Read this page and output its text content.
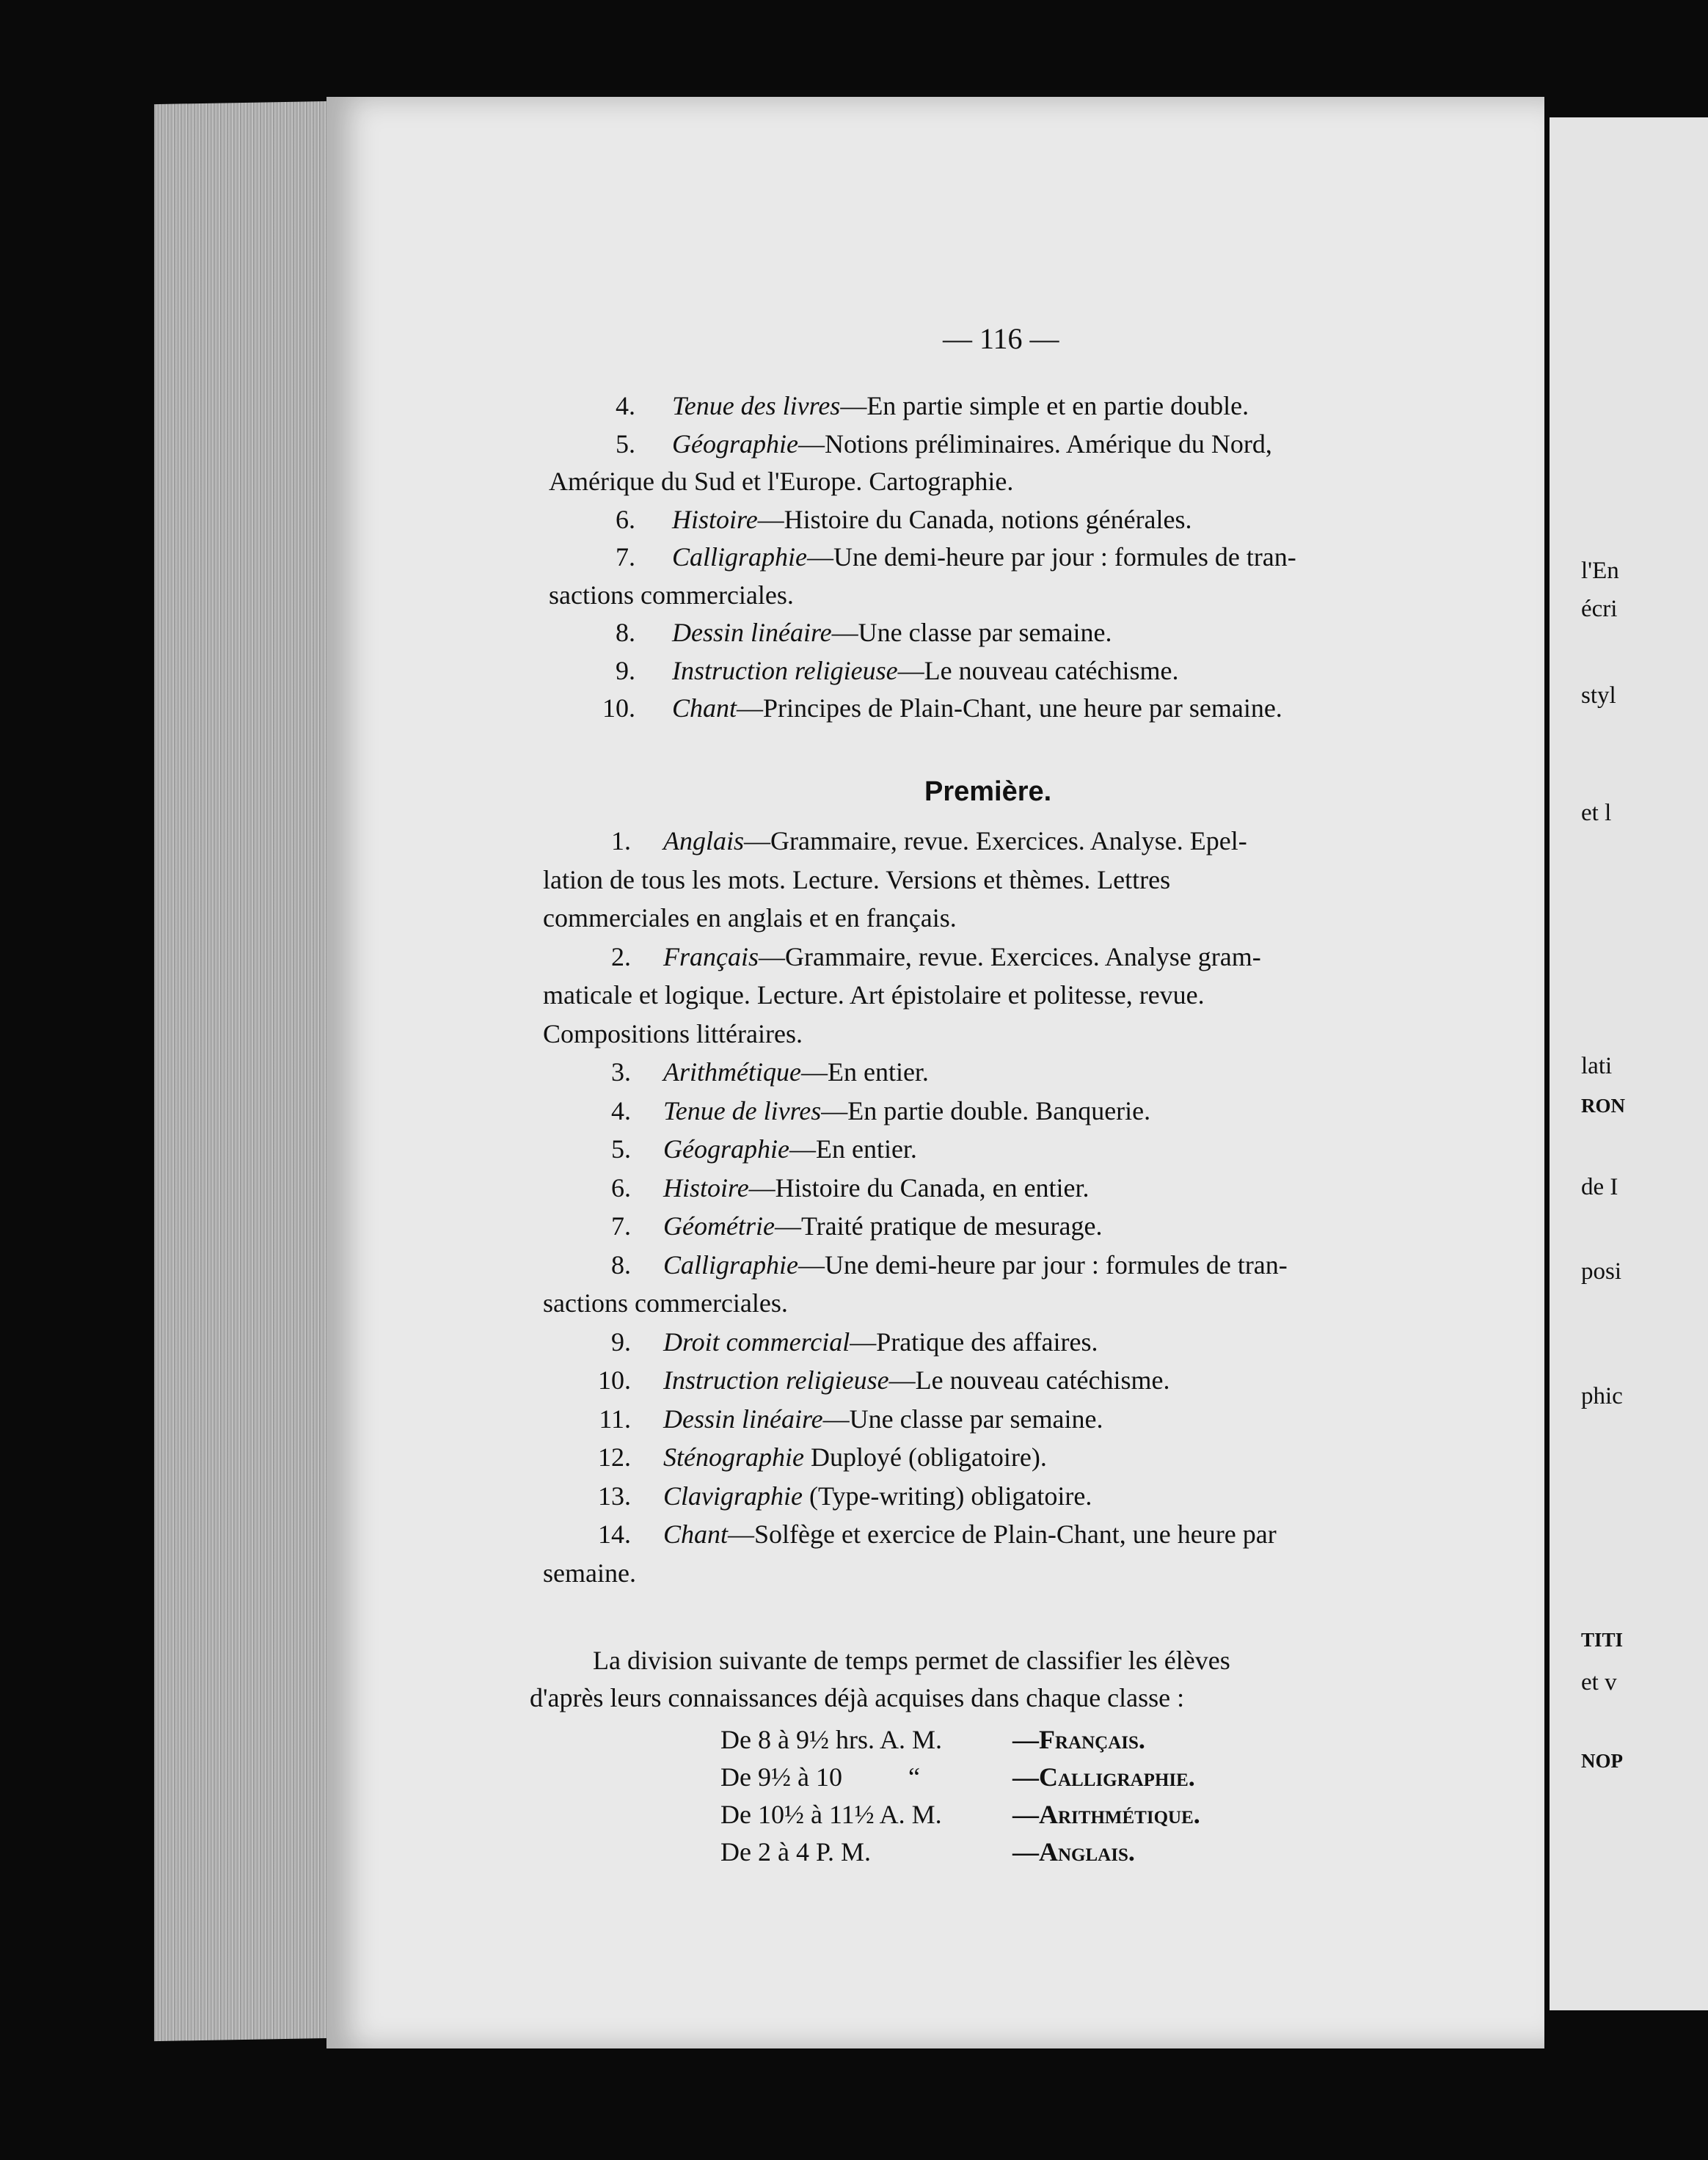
l'En
écri
styl
et l
lati
RON
de I
posi
phic
TITI
et v
NOP
— 116 —
4. Tenue des livres—En partie simple et en partie double.
5. Géographie—Notions préliminaires. Amérique du Nord,
Amérique du Sud et l'Europe. Cartographie.
6. Histoire—Histoire du Canada, notions générales.
7. Calligraphie—Une demi-heure par jour : formules de tran-
sactions commerciales.
8. Dessin linéaire—Une classe par semaine.
9. Instruction religieuse—Le nouveau catéchisme.
10. Chant—Principes de Plain-Chant, une heure par semaine.
Première.
1. Anglais—Grammaire, revue. Exercices. Analyse. Epel-
lation de tous les mots. Lecture. Versions et thèmes. Lettres
commerciales en anglais et en français.
2. Français—Grammaire, revue. Exercices. Analyse gram-
maticale et logique. Lecture. Art épistolaire et politesse, revue.
Compositions littéraires.
3. Arithmétique—En entier.
4. Tenue de livres—En partie double. Banquerie.
5. Géographie—En entier.
6. Histoire—Histoire du Canada, en entier.
7. Géométrie—Traité pratique de mesurage.
8. Calligraphie—Une demi-heure par jour : formules de tran-
sactions commerciales.
9. Droit commercial—Pratique des affaires.
10. Instruction religieuse—Le nouveau catéchisme.
11. Dessin linéaire—Une classe par semaine.
12. Sténographie Duployé (obligatoire).
13. Clavigraphie (Type-writing) obligatoire.
14. Chant—Solfège et exercice de Plain-Chant, une heure par
semaine.
La division suivante de temps permet de classifier les élèves
d'après leurs connaissances déjà acquises dans chaque classe :
De 8 à 9½ hrs. A. M.	—Français.
De 9½ à 10          “	—Calligraphie.
De 10½ à 11½ A. M.	—Arithmétique.
De 2 à 4 P. M.	—Anglais.
